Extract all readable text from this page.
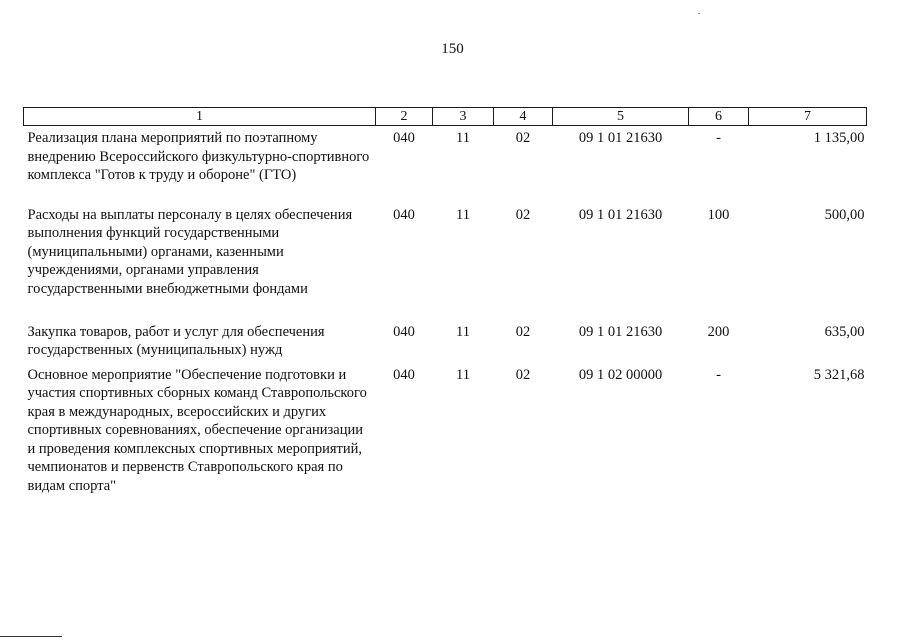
150
1	2	3	4	5	6	7
Реализация плана мероприятий по поэтапному внедрению Всероссийского физкультурно-спортивного комплекса "Готов к труду и обороне" (ГТО)	040	11	02	09 1 01 21630	-	1 135,00
Расходы на выплаты персоналу в целях обеспечения выполнения функций государственными (муниципальными) органами, казенными учреждениями, органами управления государственными внебюджетными фондами	040	11	02	09 1 01 21630	100	500,00
Закупка товаров, работ и услуг для обеспечения государственных (муниципальных) нужд	040	11	02	09 1 01 21630	200	635,00
Основное мероприятие "Обеспечение подготовки и участия спортивных сборных команд Ставропольского края в международных, всероссийских и других спортивных соревнованиях, обеспечение организации и проведения комплексных спортивных мероприятий, чемпионатов и первенств Ставропольского края по видам спорта"	040	11	02	09 1 02 00000	-	5 321,68
